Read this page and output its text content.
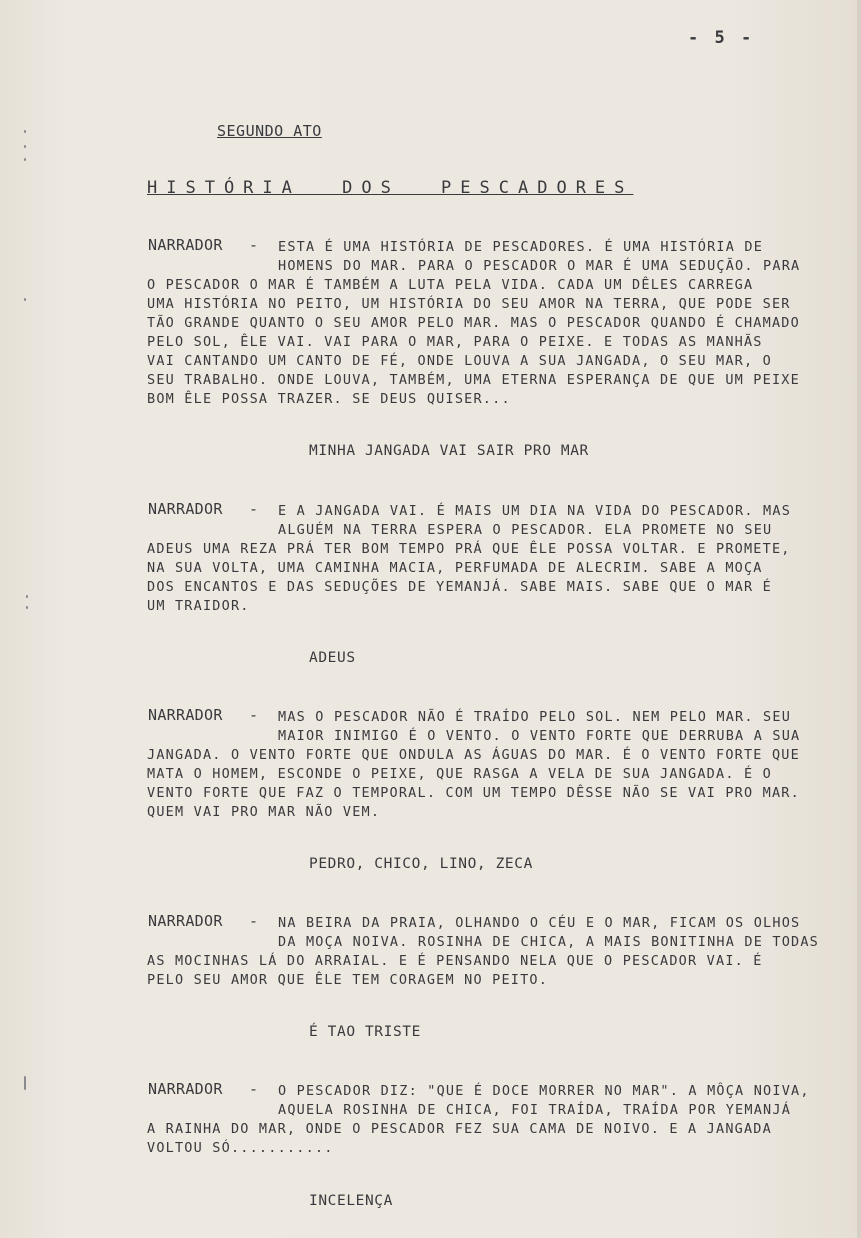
- 5 -
SEGUNDO ATO
HISTÓRIA DOS PESCADORES
NARRADOR - ESTA É UMA HISTÓRIA DE PESCADORES. É UMA HISTÓRIA DE
HOMENS DO MAR. PARA O PESCADOR O MAR É UMA SEDUÇÃO. PARA
O PESCADOR O MAR É TAMBÉM A LUTA PELA VIDA. CADA UM DÊLES CARREGA
UMA HISTÓRIA NO PEITO, UM HISTÓRIA DO SEU AMOR NA TERRA, QUE PODE SER
TÃO GRANDE QUANTO O SEU AMOR PELO MAR. MAS O PESCADOR QUANDO É CHAMADO
PELO SOL, ÊLE VAI. VAI PARA O MAR, PARA O PEIXE. E TODAS AS MANHÃS
VAI CANTANDO UM CANTO DE FÉ, ONDE LOUVA A SUA JANGADA, O SEU MAR, O
SEU TRABALHO. ONDE LOUVA, TAMBÉM, UMA ETERNA ESPERANÇA DE QUE UM PEIXE
BOM ÊLE POSSA TRAZER. SE DEUS QUISER...
MINHA JANGADA VAI SAIR PRO MAR
NARRADOR - E A JANGADA VAI. É MAIS UM DIA NA VIDA DO PESCADOR. MAS
ALGUÉM NA TERRA ESPERA O PESCADOR. ELA PROMETE NO SEU
ADEUS UMA REZA PRÁ TER BOM TEMPO PRÁ QUE ÊLE POSSA VOLTAR. E PROMETE,
NA SUA VOLTA, UMA CAMINHA MACIA, PERFUMADA DE ALECRIM. SABE A MOÇA
DOS ENCANTOS E DAS SEDUÇÕES DE YEMANJÁ. SABE MAIS. SABE QUE O MAR É
UM TRAIDOR.
ADEUS
NARRADOR - MAS O PESCADOR NÃO É TRAÍDO PELO SOL. NEM PELO MAR. SEU
MAIOR INIMIGO É O VENTO. O VENTO FORTE QUE DERRUBA A SUA
JANGADA. O VENTO FORTE QUE ONDULA AS ÁGUAS DO MAR. É O VENTO FORTE QUE
MATA O HOMEM, ESCONDE O PEIXE, QUE RASGA A VELA DE SUA JANGADA. É O
VENTO FORTE QUE FAZ O TEMPORAL. COM UM TEMPO DÊSSE NÃO SE VAI PRO MAR.
QUEM VAI PRO MAR NÃO VEM.
PEDRO, CHICO, LINO, ZECA
NARRADOR - NA BEIRA DA PRAIA, OLHANDO O CÉU E O MAR, FICAM OS OLHOS
DA MOÇA NOIVA. ROSINHA DE CHICA, A MAIS BONITINHA DE TODAS
AS MOCINHAS LÁ DO ARRAIAL. E É PENSANDO NELA QUE O PESCADOR VAI. É
PELO SEU AMOR QUE ÊLE TEM CORAGEM NO PEITO.
É TAO TRISTE
NARRADOR - O PESCADOR DIZ: "QUE É DOCE MORRER NO MAR". A MÔÇA NOIVA,
AQUELA ROSINHA DE CHICA, FOI TRAÍDA, TRAÍDA POR YEMANJÁ
A RAINHA DO MAR, ONDE O PESCADOR FEZ SUA CAMA DE NOIVO. E A JANGADA
VOLTOU SÓ...........
INCELENÇA
